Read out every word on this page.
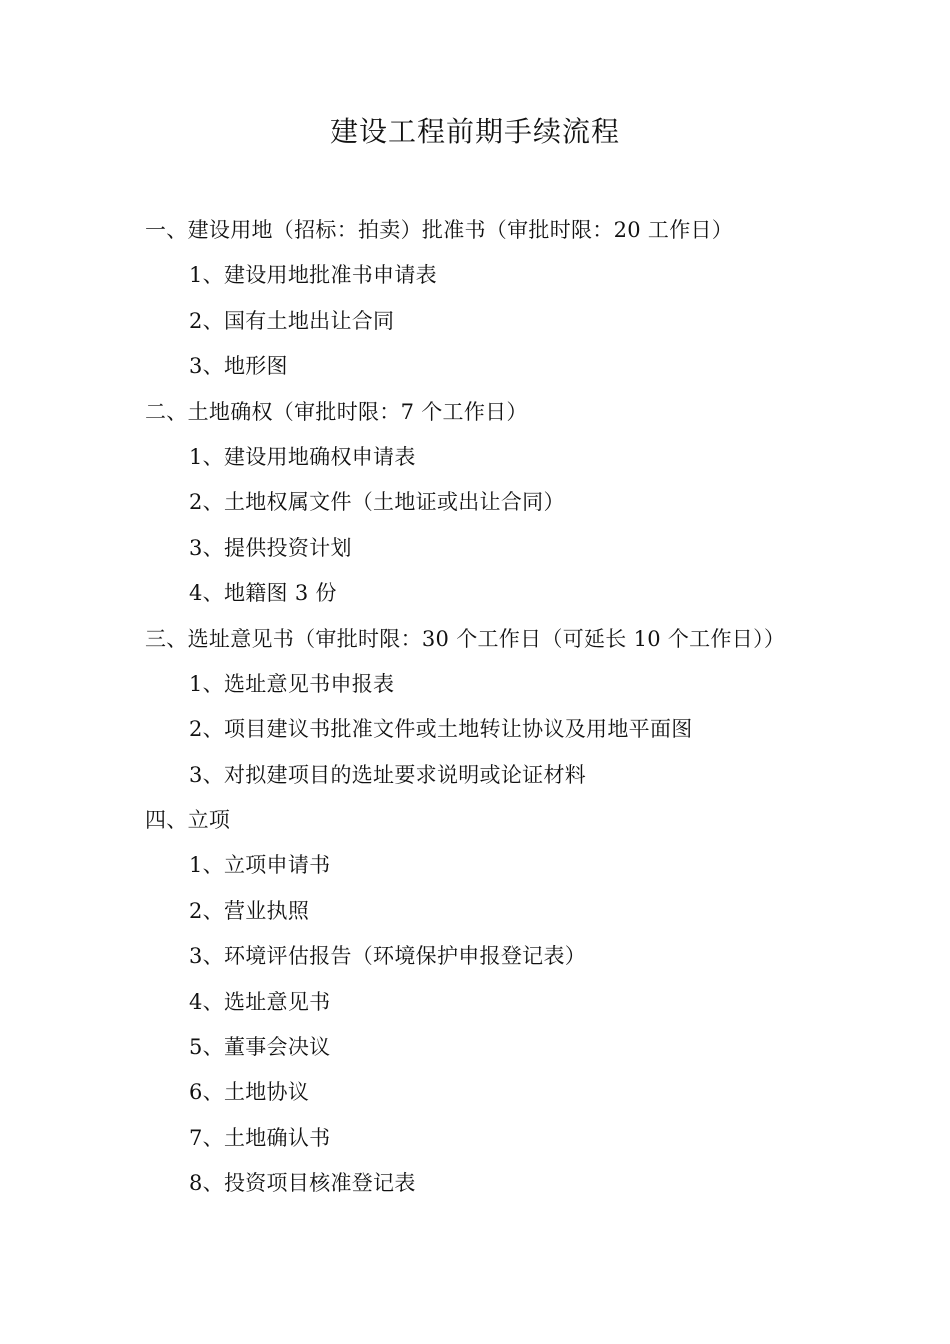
建设工程前期手续流程
一、建设用地（招标：拍卖）批准书（审批时限：20 工作日）
1、建设用地批准书申请表
2、国有土地出让合同
3、地形图
二、土地确权（审批时限：7 个工作日）
1、建设用地确权申请表
2、土地权属文件（土地证或出让合同）
3、提供投资计划
4、地籍图 3 份
三、选址意见书（审批时限：30 个工作日（可延长 10 个工作日））
1、选址意见书申报表
2、项目建议书批准文件或土地转让协议及用地平面图
3、对拟建项目的选址要求说明或论证材料
四、立项
1、立项申请书
2、营业执照
3、环境评估报告（环境保护申报登记表）
4、选址意见书
5、董事会决议
6、土地协议
7、土地确认书
8、投资项目核准登记表
